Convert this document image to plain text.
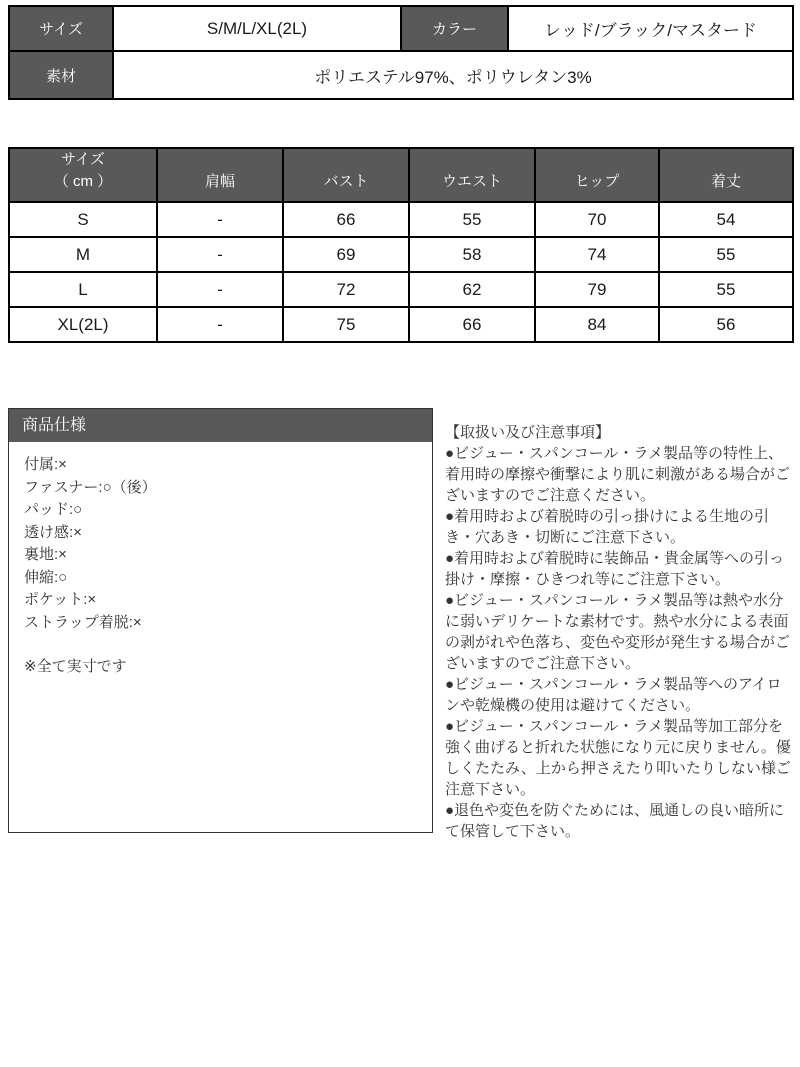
サイズ	S/M/L/XL(2L)	カラー	レッド/ブラック/マスタード
素材	ポリエステル97%、ポリウレタン3%		
サイズ
（ cm ）	肩幅	バスト	ウエスト	ヒップ	着丈
S	-	66	55	70	54
M	-	69	58	74	55
L	-	72	62	79	55
XL(2L)	-	75	66	84	56
商品仕様
付属:×
ファスナー:○（後）
パッド:○
透け感:×
裏地:×
伸縮:○
ポケット:×
ストラップ着脱:×
※全て実寸です

【取扱い及び注意事項】

●ビジュー・スパンコール・ラメ製品等の特性上、着用時の摩擦や衝撃により肌に刺激がある場合がございますのでご注意ください。

●着用時および着脱時の引っ掛けによる生地の引き・穴あき・切断にご注意下さい。

●着用時および着脱時に装飾品・貴金属等への引っ掛け・摩擦・ひきつれ等にご注意下さい。

●ビジュー・スパンコール・ラメ製品等は熱や水分に弱いデリケートな素材です。熱や水分による表面の剥がれや色落ち、変色や変形が発生する場合がございますのでご注意下さい。

●ビジュー・スパンコール・ラメ製品等へのアイロンや乾燥機の使用は避けてください。

●ビジュー・スパンコール・ラメ製品等加工部分を強く曲げると折れた状態になり元に戻りません。優しくたたみ、上から押さえたり叩いたりしない様ご注意下さい。

●退色や変色を防ぐためには、風通しの良い暗所にて保管して下さい。
